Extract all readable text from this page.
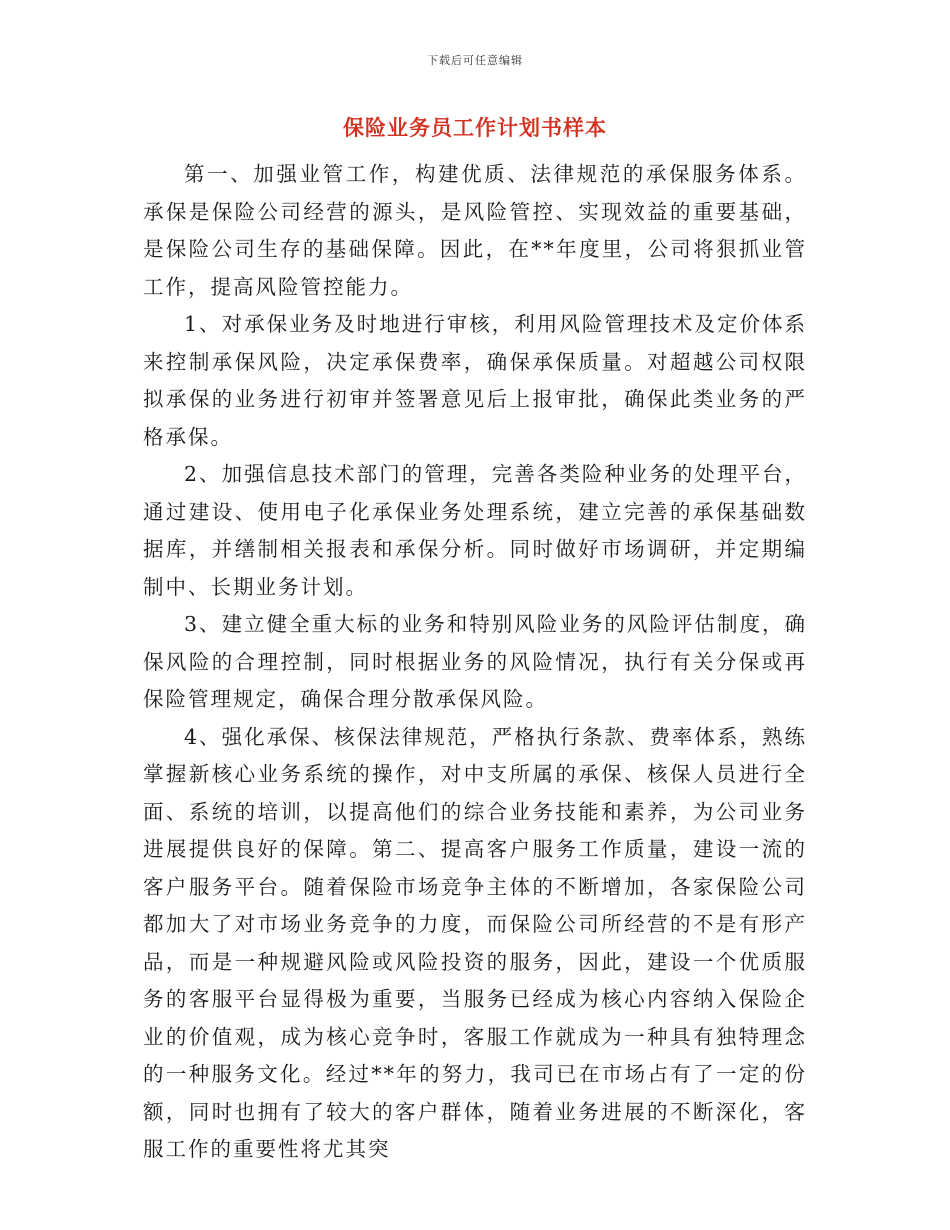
下载后可任意编辑
保险业务员工作计划书样本

第一、加强业管工作，构建优质、法律规范的承保服务体系。承保是保险公司经营的源头，是风险管控、实现效益的重要基础，是保险公司生存的基础保障。因此，在**年度里，公司将狠抓业管工作，提高风险管控能力。

1、对承保业务及时地进行审核，利用风险管理技术及定价体系来控制承保风险，决定承保费率，确保承保质量。对超越公司权限拟承保的业务进行初审并签署意见后上报审批，确保此类业务的严格承保。

2、加强信息技术部门的管理，完善各类险种业务的处理平台，通过建设、使用电子化承保业务处理系统，建立完善的承保基础数据库，并缮制相关报表和承保分析。同时做好市场调研，并定期编制中、长期业务计划。

3、建立健全重大标的业务和特别风险业务的风险评估制度，确保风险的合理控制，同时根据业务的风险情况，执行有关分保或再保险管理规定，确保合理分散承保风险。

4、强化承保、核保法律规范，严格执行条款、费率体系，熟练掌握新核心业务系统的操作，对中支所属的承保、核保人员进行全面、系统的培训，以提高他们的综合业务技能和素养，为公司业务进展提供良好的保障。第二、提高客户服务工作质量，建设一流的客户服务平台。随着保险市场竞争主体的不断增加，各家保险公司都加大了对市场业务竞争的力度，而保险公司所经营的不是有形产品，而是一种规避风险或风险投资的服务，因此，建设一个优质服务的客服平台显得极为重要，当服务已经成为核心内容纳入保险企业的价值观，成为核心竞争时，客服工作就成为一种具有独特理念的一种服务文化。经过**年的努力，我司已在市场占有了一定的份额，同时也拥有了较大的客户群体，随着业务进展的不断深化，客服工作的重要性将尤其突
